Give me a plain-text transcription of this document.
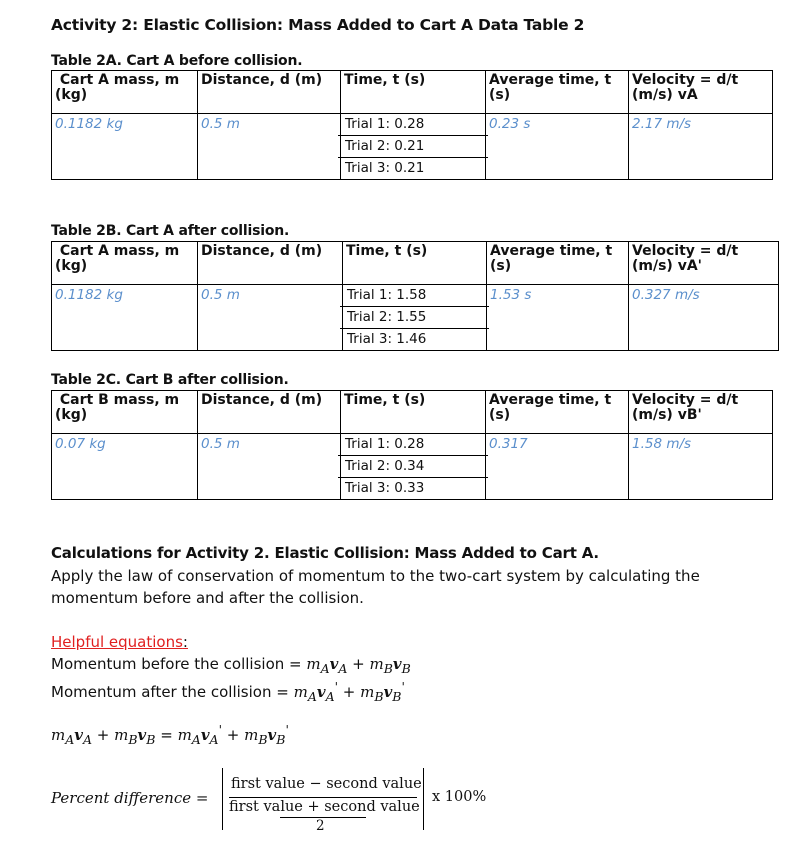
Activity 2: Elastic Collision: Mass Added to Cart A Data Table 2
Table 2A. Cart A before collision.
Cart A mass, m (kg)	Distance, d (m)	Time, t (s)	Average time, t (s)	Velocity = d/t (m/s) vA

0.1182 kg	0.5 m	Trial 1: 0.28
Trial 2: 0.21
Trial 3: 0.21	0.23 s	2.17 m/s
Table 2B. Cart A after collision.
Cart A mass, m (kg)	Distance, d (m)	Time, t (s)	Average time, t (s)	Velocity = d/t (m/s) vA'

0.1182 kg	0.5 m	Trial 1: 1.58
Trial 2: 1.55
Trial 3: 1.46	1.53 s	0.327 m/s
Table 2C. Cart B after collision.
Cart B mass, m (kg)	Distance, d (m)	Time, t (s)	Average time, t (s)	Velocity = d/t (m/s) vB'

0.07 kg	0.5 m	Trial 1: 0.28
Trial 2: 0.34
Trial 3: 0.33	0.317	1.58 m/s
Calculations for Activity 2. Elastic Collision: Mass Added to Cart A.
Apply the law of conservation of momentum to the two-cart system by calculating the momentum before and after the collision.
Helpful equations:
Momentum before the collision = $m_Av_A + m_Bv_B$
Momentum after the collision = $m_Av_A' + m_Bv_B'$
$m_Av_A + m_Bv_B = m_Av_A' + m_Bv_B'$
Percent difference =
first value − second value
first value + second value
2
x 100%
